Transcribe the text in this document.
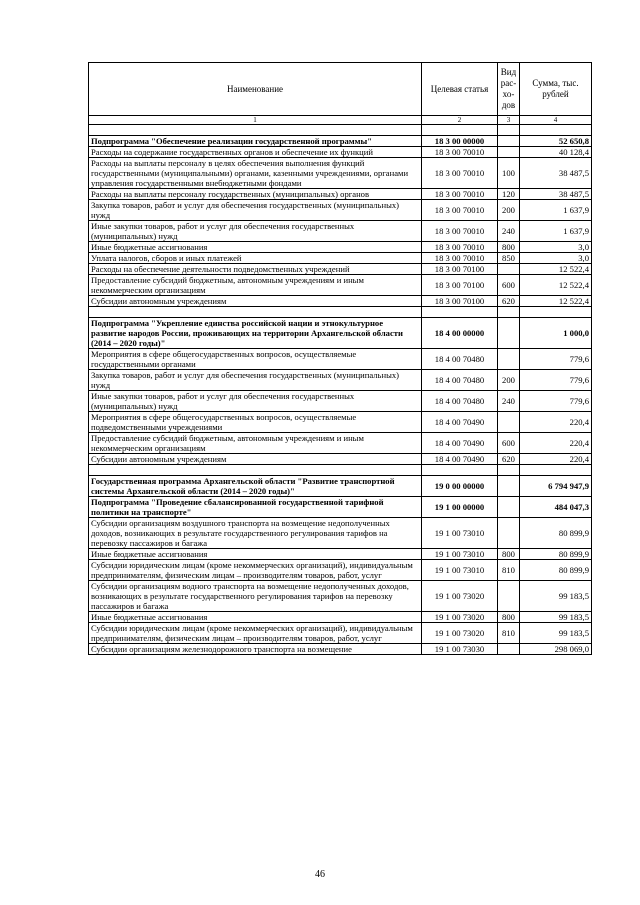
Наименование	Целевая статья	Вид рас-хо-дов	Сумма, тыс. рублей
1	2	3	4

Подпрограмма "Обеспечение реализации государственной программы"	18 3 00 00000		52 650,8
Расходы на содержание государственных органов и обеспечение их функций	18 3 00 70010		40 128,4
Расходы на выплаты персоналу в целях обеспечения выполнения функций государственными (муниципальными) органами, казенными учреждениями, органами управления государственными внебюджетными фондами	18 3 00 70010	100	38 487,5
Расходы на выплаты персоналу государственных (муниципальных) органов	18 3 00 70010	120	38 487,5
Закупка товаров, работ и услуг для обеспечения государственных (муниципальных) нужд	18 3 00 70010	200	1 637,9
Иные закупки товаров, работ и услуг для обеспечения государственных (муниципальных) нужд	18 3 00 70010	240	1 637,9
Иные бюджетные ассигнования	18 3 00 70010	800	3,0
Уплата налогов, сборов и иных платежей	18 3 00 70010	850	3,0
Расходы на обеспечение деятельности подведомственных учреждений	18 3 00 70100		12 522,4
Предоставление субсидий бюджетным, автономным учреждениям и иным некоммерческим организациям	18 3 00 70100	600	12 522,4
Субсидии автономным учреждениям	18 3 00 70100	620	12 522,4

Подпрограмма "Укрепление единства российской нации и этнокультурное развитие народов России, проживающих на территории Архангельской области (2014 – 2020 годы)"	18 4 00 00000		1 000,0
Мероприятия в сфере общегосударственных вопросов, осуществляемые государственными органами	18 4 00 70480		779,6
Закупка товаров, работ и услуг для обеспечения государственных (муниципальных) нужд	18 4 00 70480	200	779,6
Иные закупки товаров, работ и услуг для обеспечения государственных (муниципальных) нужд	18 4 00 70480	240	779,6
Мероприятия в сфере общегосударственных вопросов, осуществляемые подведомственными учреждениями	18 4 00 70490		220,4
Предоставление субсидий бюджетным, автономным учреждениям и иным некоммерческим организациям	18 4 00 70490	600	220,4
Субсидии автономным учреждениям	18 4 00 70490	620	220,4

Государственная программа Архангельской области "Развитие транспортной системы Архангельской области (2014 – 2020 годы)"	19 0 00 00000		6 794 947,9
Подпрограмма "Проведение сбалансированной государственной тарифной политики на транспорте"	19 1 00 00000		484 047,3
Субсидии организациям воздушного транспорта на возмещение недополученных доходов, возникающих в результате государственного регулирования тарифов на перевозку пассажиров и багажа	19 1 00 73010		80 899,9
Иные бюджетные ассигнования	19 1 00 73010	800	80 899,9
Субсидии юридическим лицам (кроме некоммерческих организаций), индивидуальным предпринимателям, физическим лицам – производителям товаров, работ, услуг	19 1 00 73010	810	80 899,9
Субсидии организациям водного транспорта на возмещение недополученных доходов, возникающих в результате государственного регулирования тарифов на перевозку пассажиров и багажа	19 1 00 73020		99 183,5
Иные бюджетные ассигнования	19 1 00 73020	800	99 183,5
Субсидии юридическим лицам (кроме некоммерческих организаций), индивидуальным предпринимателям, физическим лицам – производителям товаров, работ, услуг	19 1 00 73020	810	99 183,5
Субсидии организациям железнодорожного транспорта на возмещение	19 1 00 73030		298 069,0
46
